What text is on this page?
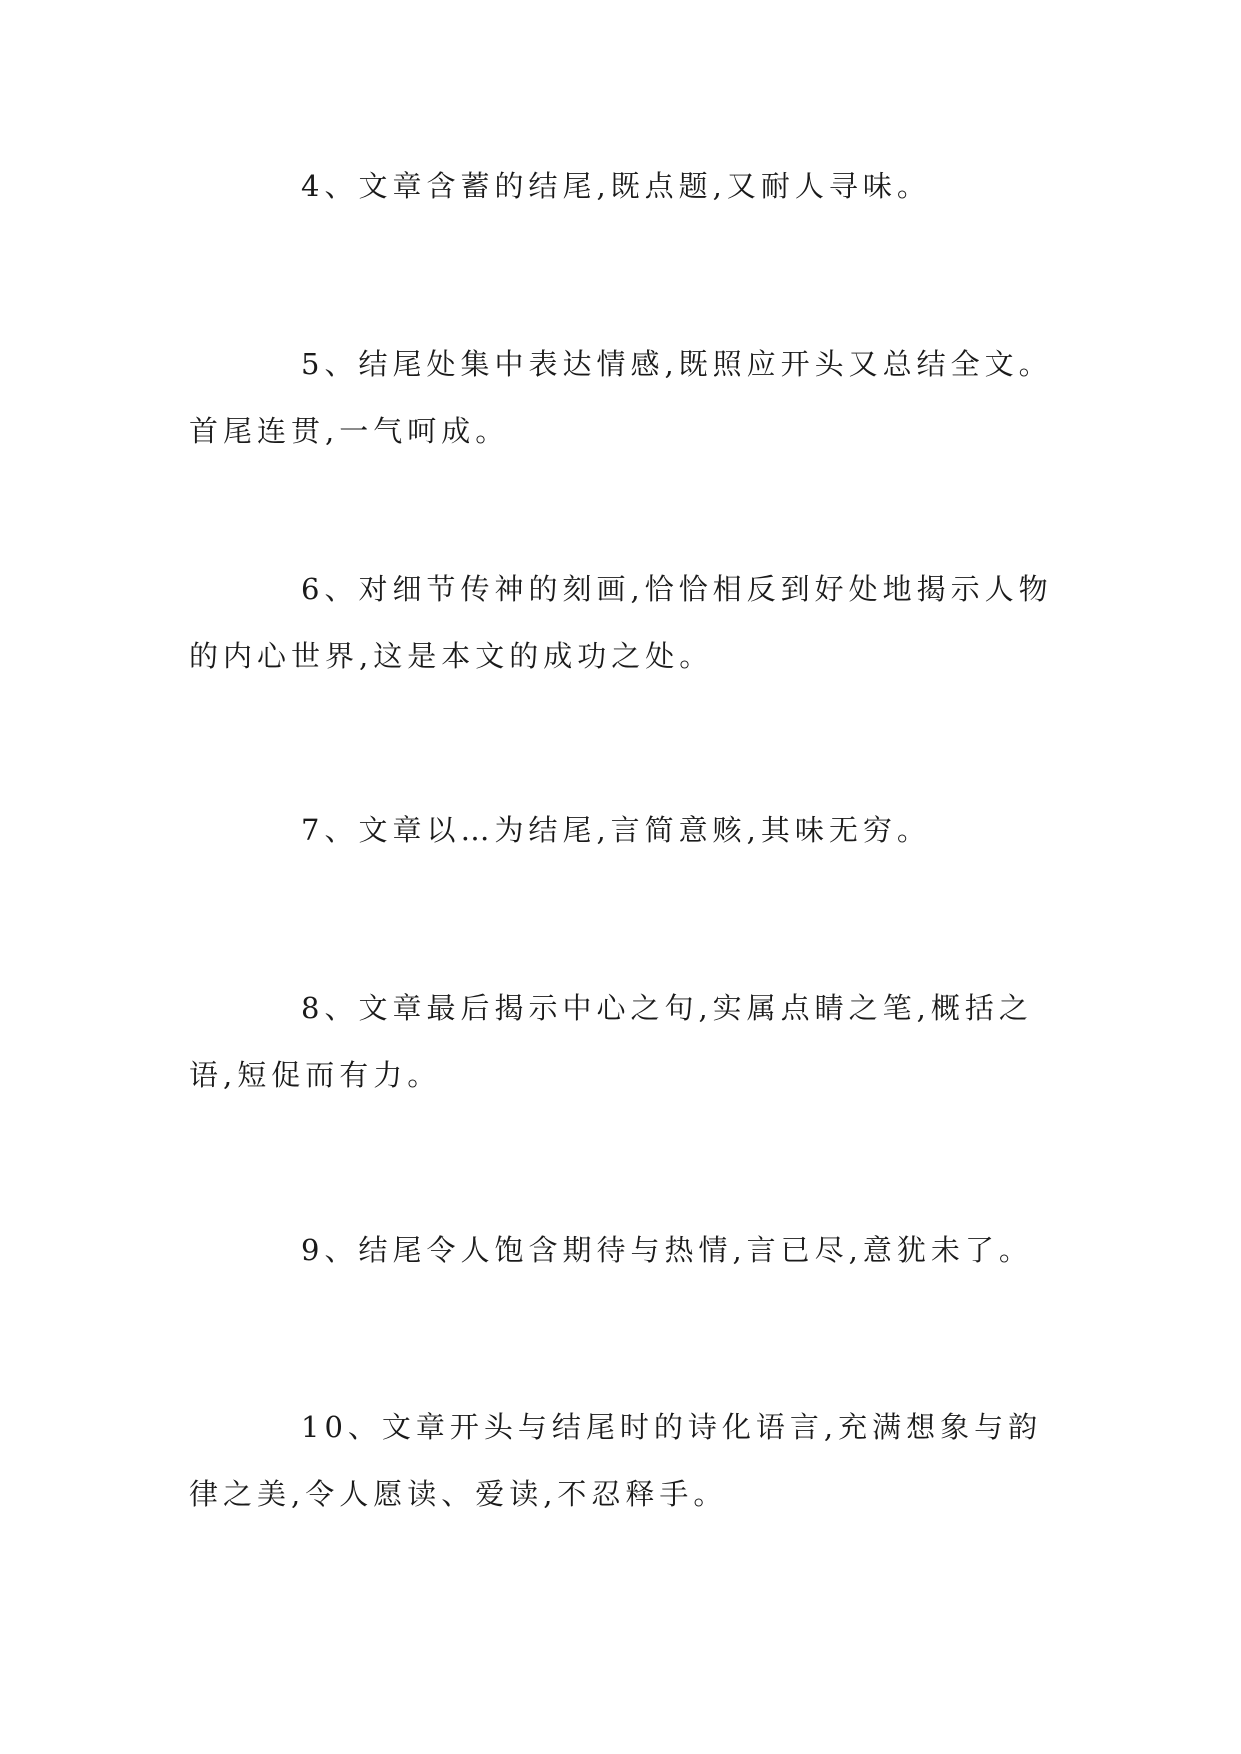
4、文章含蓄的结尾,既点题,又耐人寻味。

5、结尾处集中表达情感,既照应开头又总结全文。首尾连贯,一气呵成。

6、对细节传神的刻画,恰恰相反到好处地揭示人物的内心世界,这是本文的成功之处。

7、文章以…为结尾,言简意赅,其味无穷。

8、文章最后揭示中心之句,实属点睛之笔,概括之语,短促而有力。

9、结尾令人饱含期待与热情,言已尽,意犹未了。

10、文章开头与结尾时的诗化语言,充满想象与韵律之美,令人愿读、爱读,不忍释手。
